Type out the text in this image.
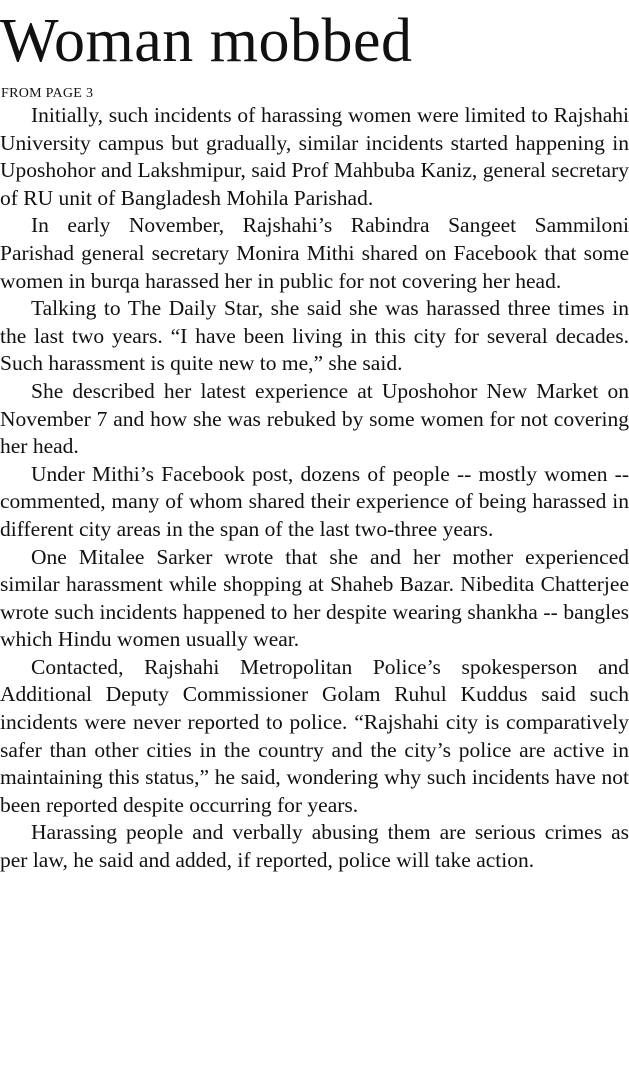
Woman mobbed
FROM PAGE 3

Initially, such incidents of harassing women were limited to Rajshahi University campus but gradually, similar incidents started happening in Uposhohor and Lakshmipur, said Prof Mahbuba Kaniz, general secretary of RU unit of Bangladesh Mohila Parishad.

In early November, Rajshahi’s Rabindra Sangeet Sammiloni Parishad general secretary Monira Mithi shared on Facebook that some women in burqa harassed her in public for not covering her head.

Talking to The Daily Star, she said she was harassed three times in the last two years. “I have been living in this city for several decades. Such harassment is quite new to me,” she said.

She described her latest experience at Uposhohor New Market on November 7 and how she was rebuked by some women for not covering her head.

Under Mithi’s Facebook post, dozens of people -- mostly women -- commented, many of whom shared their experience of being harassed in different city areas in the span of the last two-three years.

One Mitalee Sarker wrote that she and her mother experienced similar harassment while shopping at Shaheb Bazar. Nibedita Chatterjee wrote such incidents happened to her despite wearing shankha -- bangles which Hindu women usually wear.

Contacted, Rajshahi Metropolitan Police’s spokesperson and Additional Deputy Commissioner Golam Ruhul Kuddus said such incidents were never reported to police. “Rajshahi city is comparatively safer than other cities in the country and the city’s police are active in maintaining this status,” he said, wondering why such incidents have not been reported despite occurring for years.

Harassing people and verbally abusing them are serious crimes as per law, he said and added, if reported, police will take action.
